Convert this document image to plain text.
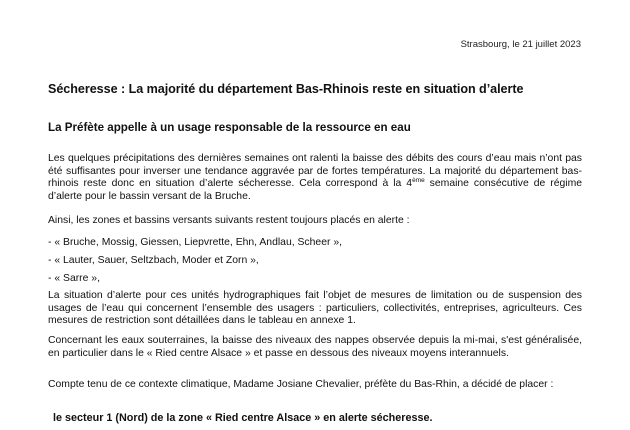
Strasbourg, le 21 juillet 2023
Sécheresse : La majorité du département Bas-Rhinois reste en situation d’alerte
La Préfète appelle à un usage responsable de la ressource en eau
Les quelques précipitations des dernières semaines ont ralenti la baisse des débits des cours d’eau mais n’ont pas été suffisantes pour inverser une tendance aggravée par de fortes températures. La majorité du département bas-rhinois reste donc en situation d’alerte sécheresse. Cela correspond à la 4ème semaine consécutive de régime d’alerte pour le bassin versant de la Bruche.
Ainsi, les zones et bassins versants suivants restent toujours placés en alerte :
- « Bruche, Mossig, Giessen, Liepvrette, Ehn, Andlau, Scheer »,
- « Lauter, Sauer, Seltzbach, Moder et Zorn »,
- « Sarre »,
La situation d’alerte pour ces unités hydrographiques fait l’objet de mesures de limitation ou de suspension des usages de l’eau qui concernent l’ensemble des usagers : particuliers, collectivités, entreprises, agriculteurs. Ces mesures de restriction sont détaillées dans le tableau en annexe 1.
Concernant les eaux souterraines, la baisse des niveaux des nappes observée depuis la mi-mai, s'est généralisée, en particulier dans le « Ried centre Alsace » et passe en dessous des niveaux moyens interannuels.
Compte tenu de ce contexte climatique, Madame Josiane Chevalier, préfète du Bas-Rhin, a décidé de placer :
le secteur 1 (Nord) de la zone « Ried centre Alsace » en alerte sécheresse.
